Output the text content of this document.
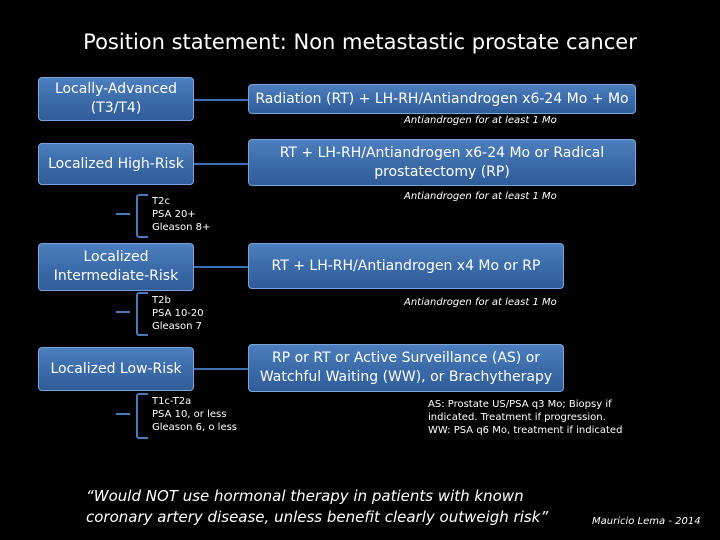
Position statement: Non metastastic prostate cancer
Locally-Advanced (T3/T4)
Radiation (RT) + LH-RH/Antiandrogen x6-24 Mo + Mo
Antiandrogen for at least 1 Mo
Localized High-Risk
RT + LH-RH/Antiandrogen x6-24 Mo or Radical prostatectomy (RP)
Antiandrogen for at least 1 Mo
T2c
PSA 20+
Gleason 8+
Localized Intermediate-Risk
RT + LH-RH/Antiandrogen x4 Mo or RP
Antiandrogen for at least 1 Mo
T2b
PSA 10-20
Gleason 7
Localized Low-Risk
RP or RT or Active Surveillance (AS) or Watchful Waiting (WW), or Brachytherapy
AS: Prostate US/PSA q3 Mo; Biopsy if
indicated. Treatment if progression.
WW: PSA q6 Mo, treatment if indicated
T1c-T2a
PSA 10, or less
Gleason 6, o less
“Would NOT use hormonal therapy in patients with known
coronary artery disease, unless benefit clearly outweigh risk”	Mauricio Lema - 2014
